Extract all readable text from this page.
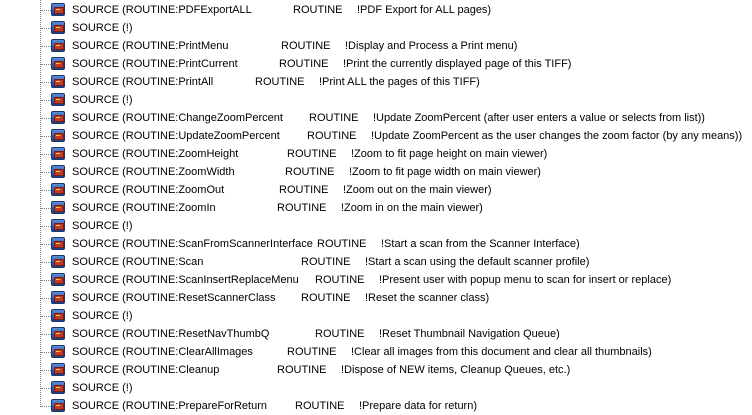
SOURCE (ROUTINE:PDFExportALL	ROUTINE !PDF Export for ALL pages)
SOURCE (!)
SOURCE (ROUTINE:PrintMenu	ROUTINE !Display and Process a Print menu)
SOURCE (ROUTINE:PrintCurrent	ROUTINE !Print the currently displayed page of this TIFF)
SOURCE (ROUTINE:PrintAll	ROUTINE !Print ALL the pages of this TIFF)
SOURCE (!)
SOURCE (ROUTINE:ChangeZoomPercent ROUTINE !Update ZoomPercent (after user enters a value or selects from list))
SOURCE (ROUTINE:UpdateZoomPercent ROUTINE !Update ZoomPercent as the user changes the zoom factor (by any means))
SOURCE (ROUTINE:ZoomHeight	ROUTINE !Zoom to fit page height on main viewer)
SOURCE (ROUTINE:ZoomWidth	ROUTINE !Zoom to fit page width on main viewer)
SOURCE (ROUTINE:ZoomOut	ROUTINE !Zoom out on the main viewer)
SOURCE (ROUTINE:ZoomIn	ROUTINE !Zoom in on the main viewer)
SOURCE (!)
SOURCE (ROUTINE:ScanFromScannerInterface ROUTINE !Start a scan from the Scanner Interface)
SOURCE (ROUTINE:Scan	ROUTINE !Start a scan using the default scanner profile)
SOURCE (ROUTINE:ScanInsertReplaceMenu ROUTINE !Present user with popup menu to scan for insert or replace)
SOURCE (ROUTINE:ResetScannerClass ROUTINE !Reset the scanner class)
SOURCE (!)
SOURCE (ROUTINE:ResetNavThumbQ	ROUTINE !Reset Thumbnail Navigation Queue)
SOURCE (ROUTINE:ClearAllImages	ROUTINE !Clear all images from this document and clear all thumbnails)
SOURCE (ROUTINE:Cleanup	ROUTINE !Dispose of NEW items, Cleanup Queues, etc.)
SOURCE (!)
SOURCE (ROUTINE:PrepareForReturn	ROUTINE !Prepare data for return)
